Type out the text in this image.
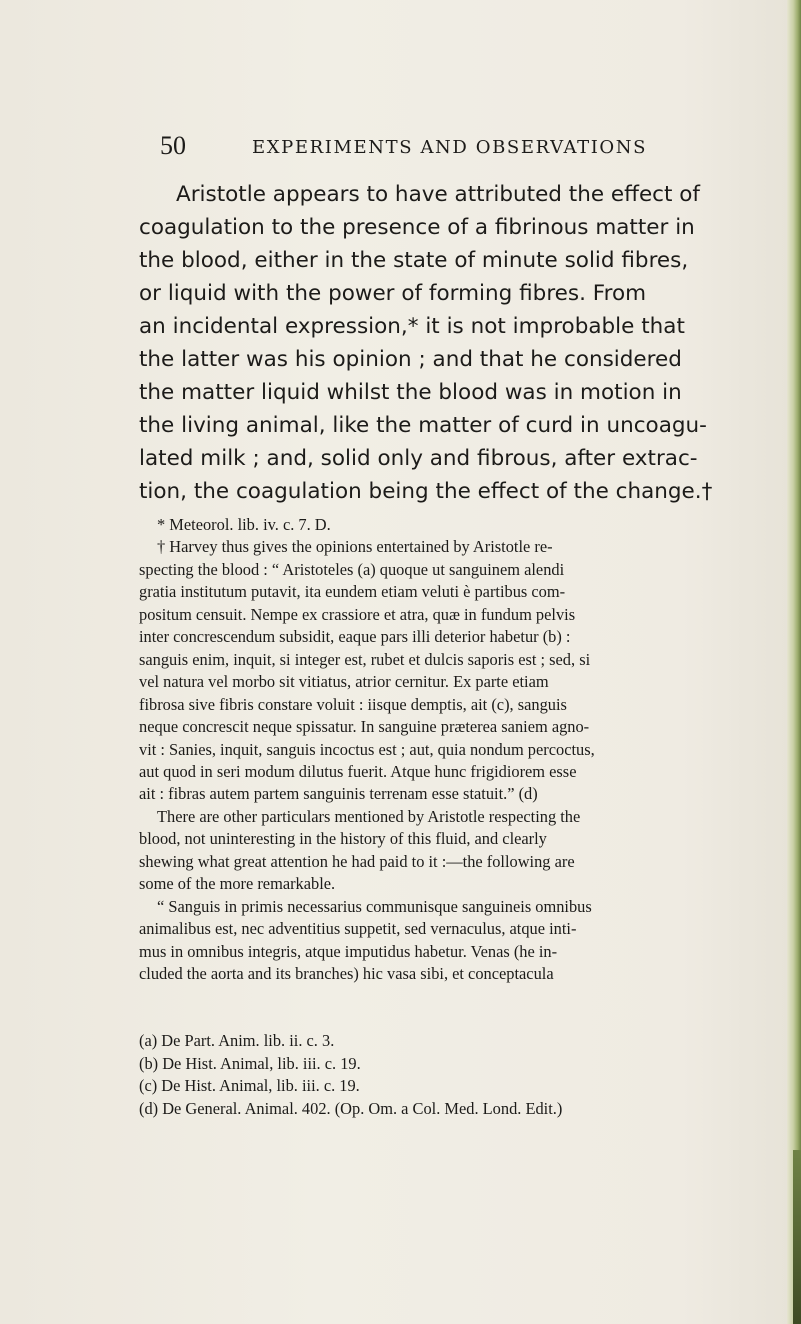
50	EXPERIMENTS AND OBSERVATIONS
Aristotle appears to have attributed the effect of
coagulation to the presence of a fibrinous matter in
the blood, either in the state of minute solid fibres,
or liquid with the power of forming fibres. From
an incidental expression,* it is not improbable that
the latter was his opinion ; and that he considered
the matter liquid whilst the blood was in motion in
the living animal, like the matter of curd in uncoagu-
lated milk ; and, solid only and fibrous, after extrac-
tion, the coagulation being the effect of the change.†
* Meteorol. lib. iv. c. 7. D.
† Harvey thus gives the opinions entertained by Aristotle re-
specting the blood : “ Aristoteles (a) quoque ut sanguinem alendi
gratia institutum putavit, ita eundem etiam veluti è partibus com-
positum censuit. Nempe ex crassiore et atra, quæ in fundum pelvis
inter concrescendum subsidit, eaque pars illi deterior habetur (b) :
sanguis enim, inquit, si integer est, rubet et dulcis saporis est ; sed, si
vel natura vel morbo sit vitiatus, atrior cernitur. Ex parte etiam
fibrosa sive fibris constare voluit : iisque demptis, ait (c), sanguis
neque concrescit neque spissatur. In sanguine præterea saniem agno-
vit : Sanies, inquit, sanguis incoctus est ; aut, quia nondum percoctus,
aut quod in seri modum dilutus fuerit. Atque hunc frigidiorem esse
ait : fibras autem partem sanguinis terrenam esse statuit.” (d)
There are other particulars mentioned by Aristotle respecting the
blood, not uninteresting in the history of this fluid, and clearly
shewing what great attention he had paid to it :—the following are
some of the more remarkable.
“ Sanguis in primis necessarius communisque sanguineis omnibus
animalibus est, nec adventitius suppetit, sed vernaculus, atque inti-
mus in omnibus integris, atque imputidus habetur. Venas (he in-
cluded the aorta and its branches) hic vasa sibi, et conceptacula
(a) De Part. Anim. lib. ii. c. 3.
(b) De Hist. Animal, lib. iii. c. 19.
(c) De Hist. Animal, lib. iii. c. 19.
(d) De General. Animal. 402. (Op. Om. a Col. Med. Lond. Edit.)
